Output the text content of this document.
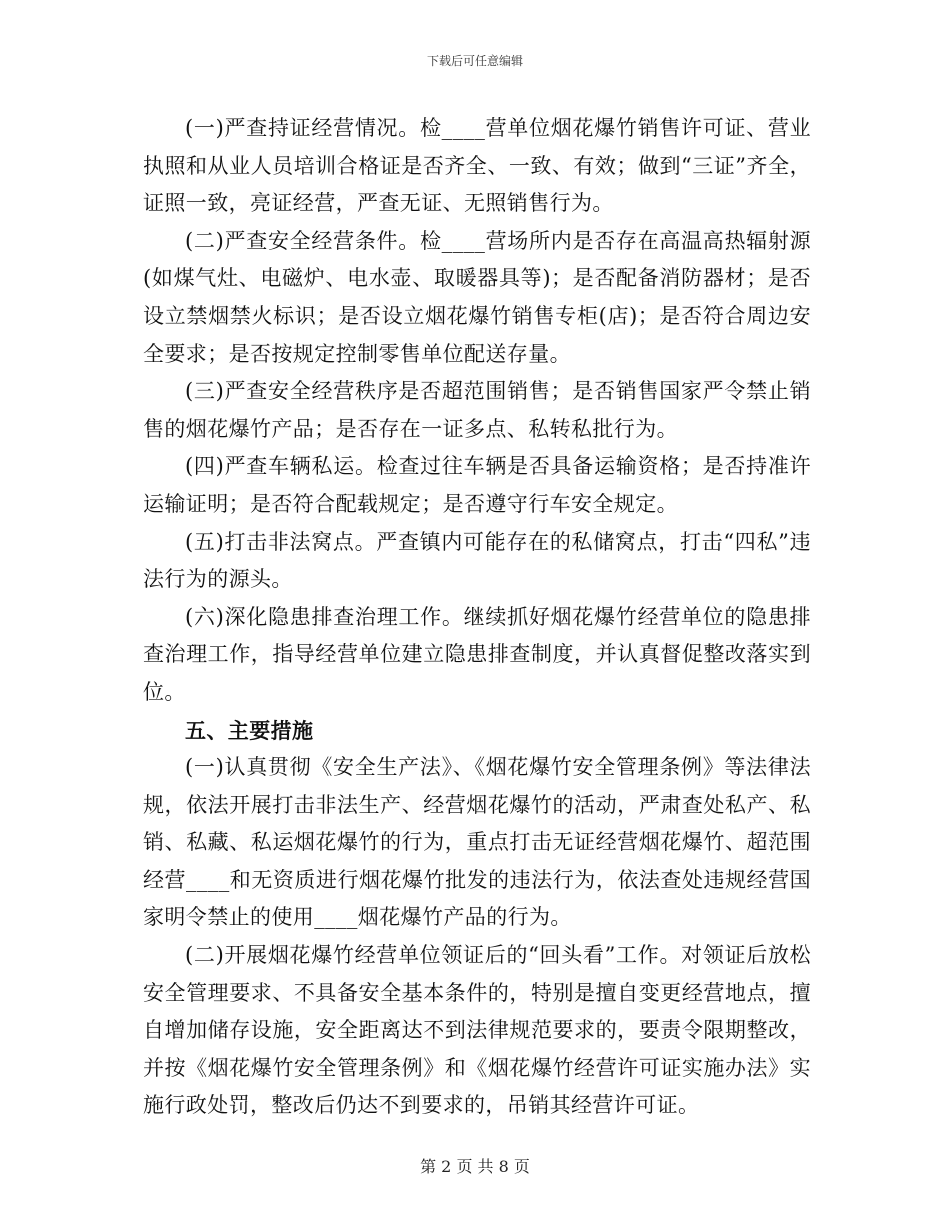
下载后可任意编辑

(一)严查持证经营情况。检____营单位烟花爆竹销售许可证、营业执照和从业人员培训合格证是否齐全、一致、有效；做到“三证”齐全，证照一致，亮证经营，严查无证、无照销售行为。

(二)严查安全经营条件。检____营场所内是否存在高温高热辐射源(如煤气灶、电磁炉、电水壶、取暖器具等)；是否配备消防器材；是否设立禁烟禁火标识；是否设立烟花爆竹销售专柜(店)；是否符合周边安全要求；是否按规定控制零售单位配送存量。

(三)严查安全经营秩序是否超范围销售；是否销售国家严令禁止销售的烟花爆竹产品；是否存在一证多点、私转私批行为。

(四)严查车辆私运。检查过往车辆是否具备运输资格；是否持准许运输证明；是否符合配载规定；是否遵守行车安全规定。

(五)打击非法窝点。严查镇内可能存在的私储窝点，打击“四私”违法行为的源头。

(六)深化隐患排查治理工作。继续抓好烟花爆竹经营单位的隐患排查治理工作，指导经营单位建立隐患排查制度，并认真督促整改落实到位。

五、主要措施

(一)认真贯彻《安全生产法》、《烟花爆竹安全管理条例》等法律法规，依法开展打击非法生产、经营烟花爆竹的活动，严肃查处私产、私销、私藏、私运烟花爆竹的行为，重点打击无证经营烟花爆竹、超范围经营____和无资质进行烟花爆竹批发的违法行为，依法查处违规经营国家明令禁止的使用____烟花爆竹产品的行为。

(二)开展烟花爆竹经营单位领证后的“回头看”工作。对领证后放松安全管理要求、不具备安全基本条件的，特别是擅自变更经营地点，擅自增加储存设施，安全距离达不到法律规范要求的，要责令限期整改，并按《烟花爆竹安全管理条例》和《烟花爆竹经营许可证实施办法》实施行政处罚，整改后仍达不到要求的，吊销其经营许可证。

第 2 页 共 8 页
